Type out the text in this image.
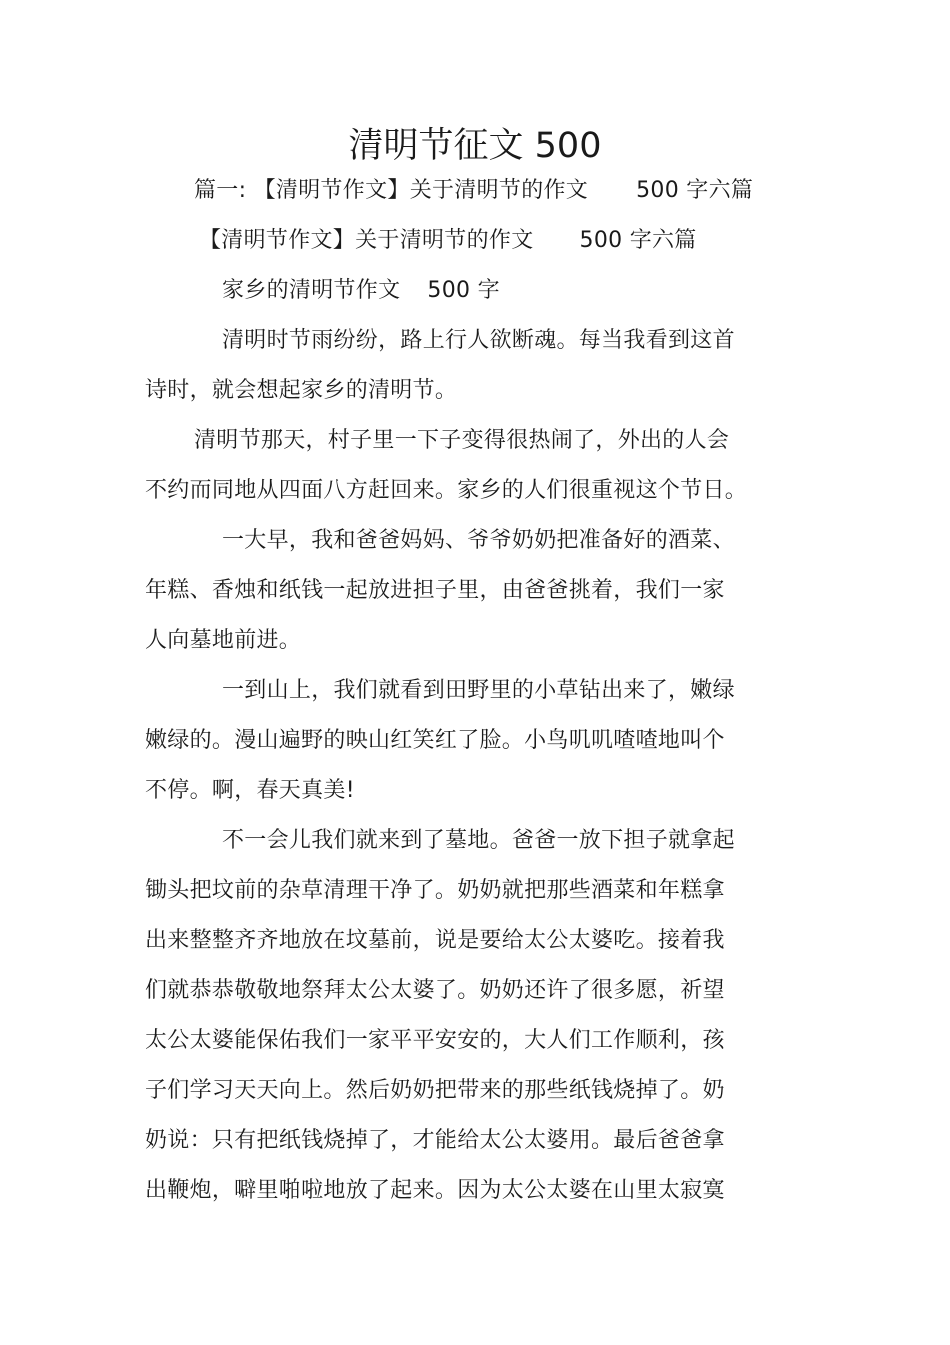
清明节征文 500
篇一: 【清明节作文】关于清明节的作文 500 字六篇
【清明节作文】关于清明节的作文 500 字六篇
家乡的清明节作文 500 字
清明时节雨纷纷，路上行人欲断魂。每当我看到这首
诗时，就会想起家乡的清明节。
清明节那天，村子里一下子变得很热闹了，外出的人会
不约而同地从四面八方赶回来。家乡的人们很重视这个节日。
一大早，我和爸爸妈妈、爷爷奶奶把准备好的酒菜、
年糕、香烛和纸钱一起放进担子里，由爸爸挑着，我们一家
人向墓地前进。
一到山上，我们就看到田野里的小草钻出来了，嫩绿
嫩绿的。漫山遍野的映山红笑红了脸。小鸟叽叽喳喳地叫个
不停。啊，春天真美!
不一会儿我们就来到了墓地。爸爸一放下担子就拿起
锄头把坟前的杂草清理干净了。奶奶就把那些酒菜和年糕拿
出来整整齐齐地放在坟墓前，说是要给太公太婆吃。接着我
们就恭恭敬敬地祭拜太公太婆了。奶奶还许了很多愿，祈望
太公太婆能保佑我们一家平平安安的，大人们工作顺利，孩
子们学习天天向上。然后奶奶把带来的那些纸钱烧掉了。奶
奶说：只有把纸钱烧掉了，才能给太公太婆用。最后爸爸拿
出鞭炮，噼里啪啦地放了起来。因为太公太婆在山里太寂寞
